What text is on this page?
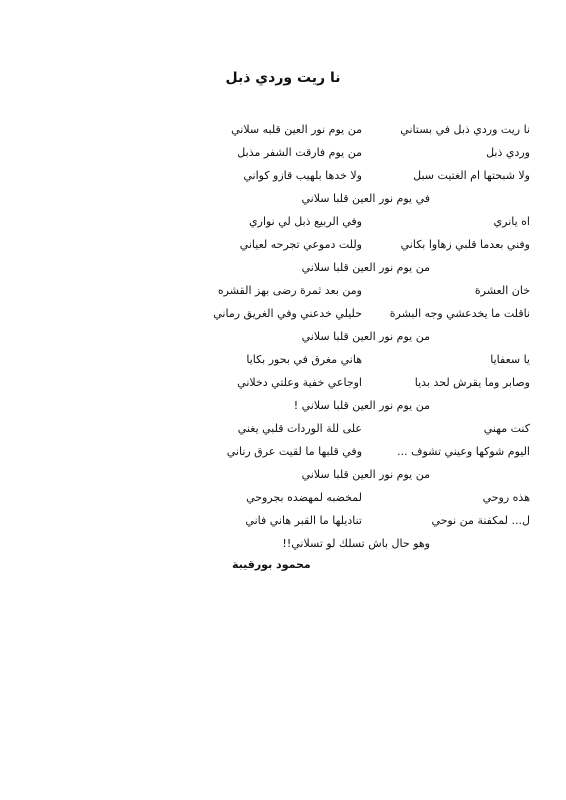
نا ريت وردي ذبل
نا ريت وردي ذبل في بستاني
من يوم نور العين قلبه سلاني
وردي ذبل
من يوم فارقت الشفر مذبل
ولا شبحتها ام الغتيت سبل
ولا خدها بلهيب قازو كواني
في يوم نور العين قلبا سلاني
اه يانري
وفي الربيع ذبل لي نواري
وفني بعدما قلبي زهاوا بكاني
وللت دموعي تجرحه لعياني
من يوم نور العين قلبا سلاني
خان العشرة
ومن بعد ثمرة رضى بهز القشره
ناقلت ما يخدعشي وجه البشرة
حليلي خدعني وفي الغريق رماني
من يوم نور العين قلبا سلاني
يا سعفايا
هاني مغرق في بحور بكايا
وصابر وما يقرش لحد بديا
اوجاعي خفية وعلتي دخلاني
من يوم نور العين قلبا سلاني !
كنت مهني
على للة الوردات قلبي يغني
اليوم شوكها وعيني تشوف ...
وفي قلبها ما لقيت عرق رناني
من يوم نور العين قلبا سلاني
هذه روحي
لمخضبه لمهضده بجروحي
ل... لمكفنة من نوحي
تناديلها ما القبر هاني فاني
وهو حال باش تسلك لو تسلاني!!
محمود بورقيبة
